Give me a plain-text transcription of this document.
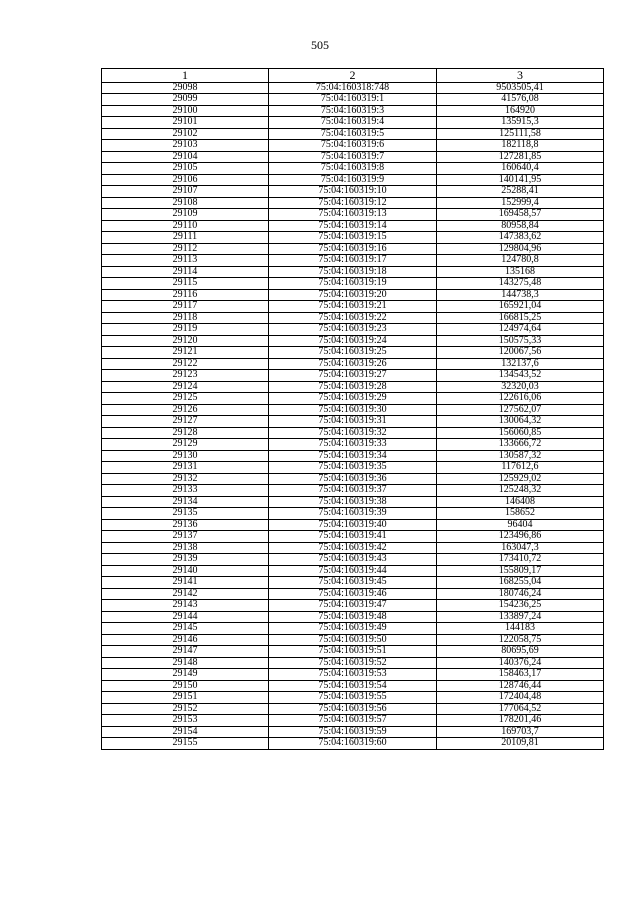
505
1	2	3
29098	75:04:160318:748	9503505,41
29099	75:04:160319:1	41576,08
29100	75:04:160319:3	164920
29101	75:04:160319:4	135915,3
29102	75:04:160319:5	125111,58
29103	75:04:160319:6	182118,8
29104	75:04:160319:7	127281,85
29105	75:04:160319:8	160640,4
29106	75:04:160319:9	140141,95
29107	75:04:160319:10	25288,41
29108	75:04:160319:12	152999,4
29109	75:04:160319:13	169458,57
29110	75:04:160319:14	80958,84
29111	75:04:160319:15	147383,62
29112	75:04:160319:16	129804,96
29113	75:04:160319:17	124780,8
29114	75:04:160319:18	135168
29115	75:04:160319:19	143275,48
29116	75:04:160319:20	144738,3
29117	75:04:160319:21	165921,04
29118	75:04:160319:22	166815,25
29119	75:04:160319:23	124974,64
29120	75:04:160319:24	150575,33
29121	75:04:160319:25	120067,56
29122	75:04:160319:26	132137,6
29123	75:04:160319:27	134543,52
29124	75:04:160319:28	32320,03
29125	75:04:160319:29	122616,06
29126	75:04:160319:30	127562,07
29127	75:04:160319:31	130064,32
29128	75:04:160319:32	156060,85
29129	75:04:160319:33	133666,72
29130	75:04:160319:34	130587,32
29131	75:04:160319:35	117612,6
29132	75:04:160319:36	125929,02
29133	75:04:160319:37	125248,32
29134	75:04:160319:38	146408
29135	75:04:160319:39	158652
29136	75:04:160319:40	96404
29137	75:04:160319:41	123496,86
29138	75:04:160319:42	163047,3
29139	75:04:160319:43	173410,72
29140	75:04:160319:44	155809,17
29141	75:04:160319:45	168255,04
29142	75:04:160319:46	180746,24
29143	75:04:160319:47	154236,25
29144	75:04:160319:48	133897,24
29145	75:04:160319:49	144183
29146	75:04:160319:50	122058,75
29147	75:04:160319:51	80695,69
29148	75:04:160319:52	140376,24
29149	75:04:160319:53	158463,17
29150	75:04:160319:54	128746,44
29151	75:04:160319:55	172404,48
29152	75:04:160319:56	177064,52
29153	75:04:160319:57	178201,46
29154	75:04:160319:59	169703,7
29155	75:04:160319:60	20109,81
